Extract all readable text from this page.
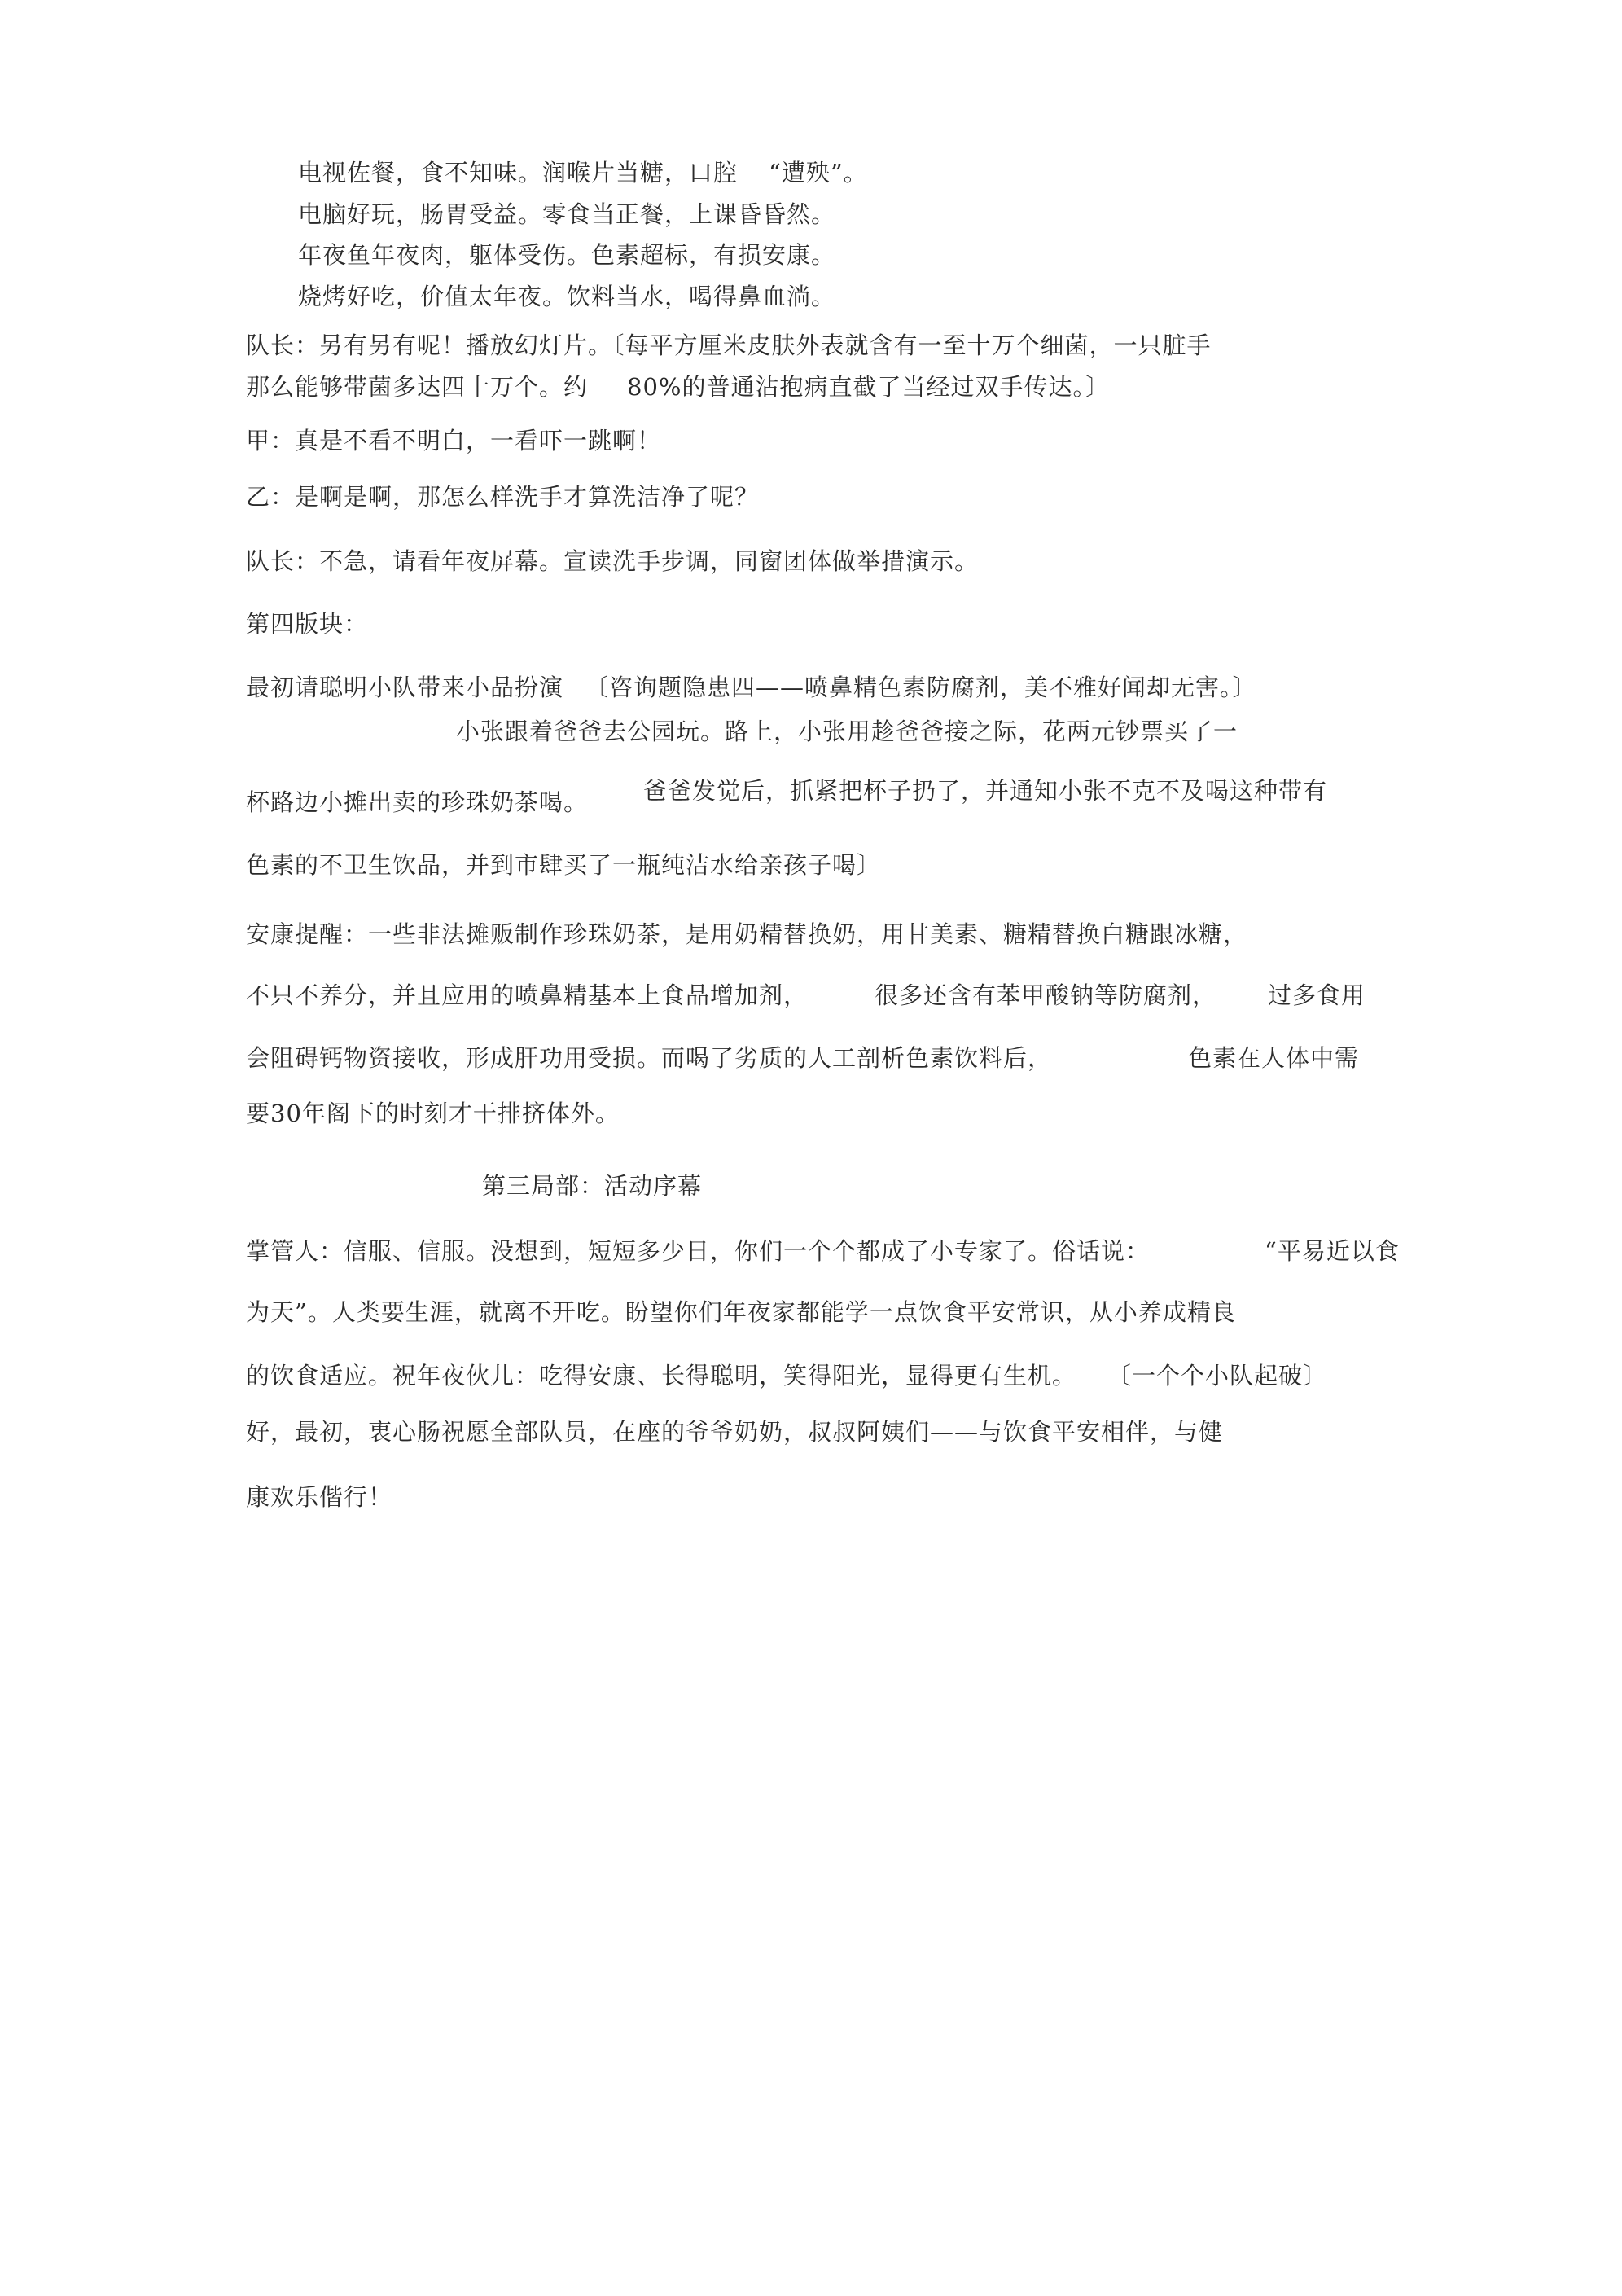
电视佐餐，食不知味。润喉片当糖，口腔 “遭殃”。
电脑好玩，肠胃受益。零食当正餐，上课昏昏然。
年夜鱼年夜肉，躯体受伤。色素超标，有损安康。
烧烤好吃，价值太年夜。饮料当水，喝得鼻血淌。
队长：另有另有呢！播放幻灯片。〔每平方厘米皮肤外表就含有一至十万个细菌，一只脏手
那么能够带菌多达四十万个。约 80%的普通沾抱病直截了当经过双手传达。〕
甲：真是不看不明白，一看吓一跳啊！
乙：是啊是啊，那怎么样洗手才算洗洁净了呢？
队长：不急，请看年夜屏幕。宣读洗手步调，同窗团体做举措演示。
第四版块：
最初请聪明小队带来小品扮演 〔咨询题隐患四——喷鼻精色素防腐剂，美不雅好闻却无害。〕
小张跟着爸爸去公园玩。路上，小张用趁爸爸接之际，花两元钞票买了一
杯路边小摊出卖的珍珠奶茶喝。 爸爸发觉后，抓紧把杯子扔了，并通知小张不克不及喝这种带有
色素的不卫生饮品，并到市肆买了一瓶纯洁水给亲孩子喝〕
安康提醒：一些非法摊贩制作珍珠奶茶，是用奶精替换奶，用甘美素、糖精替换白糖跟冰糖，
不只不养分，并且应用的喷鼻精基本上食品增加剂，	很多还含有苯甲酸钠等防腐剂， 过多食用
会阻碍钙物资接收，形成肝功用受损。而喝了劣质的人工剖析色素饮料后，	色素在人体中需
要30年阁下的时刻才干排挤体外。
第三局部：活动序幕
掌管人：信服、信服。没想到，短短多少日，你们一个个都成了小专家了。俗话说：	“平易近以食
为天”。人类要生涯，就离不开吃。盼望你们年夜家都能学一点饮食平安常识，从小养成精良
的饮食适应。祝年夜伙儿：吃得安康、长得聪明，笑得阳光，显得更有生机。 〔一个个小队起破〕
好，最初，衷心肠祝愿全部队员，在座的爷爷奶奶，叔叔阿姨们——与饮食平安相伴，与健
康欢乐偕行！
